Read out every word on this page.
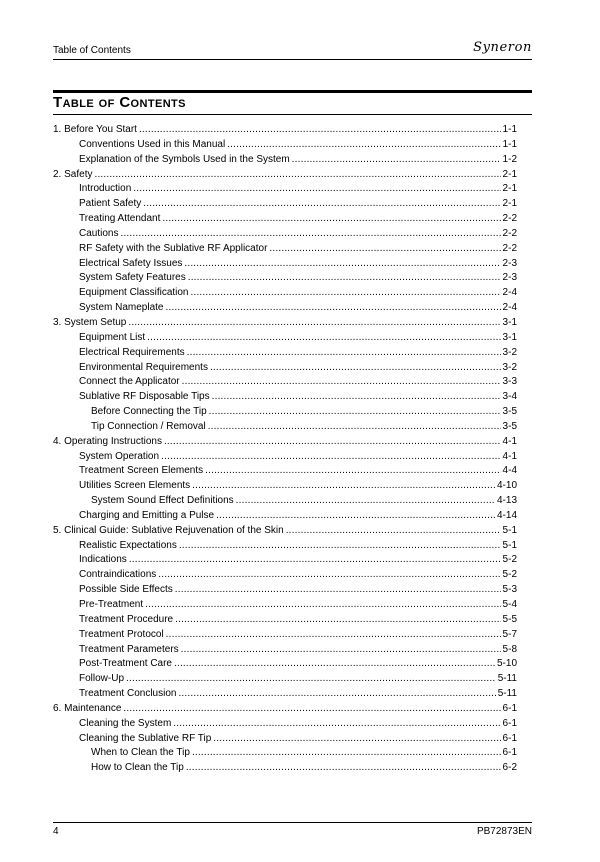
Table of Contents	Syneron
Table of Contents
1. Before You Start .....	1-1
Conventions Used in this Manual .....	1-1
Explanation of the Symbols Used in the System .....	1-2
2. Safety .....	2-1
Introduction .....	2-1
Patient Safety .....	2-1
Treating Attendant .....	2-2
Cautions .....	2-2
RF Safety with the Sublative RF Applicator .....	2-2
Electrical Safety Issues .....	2-3
System Safety Features .....	2-3
Equipment Classification .....	2-4
System Nameplate .....	2-4
3. System Setup .....	3-1
Equipment List .....	3-1
Electrical Requirements .....	3-2
Environmental Requirements .....	3-2
Connect the Applicator .....	3-3
Sublative RF Disposable Tips .....	3-4
Before Connecting the Tip .....	3-5
Tip Connection / Removal .....	3-5
4. Operating Instructions .....	4-1
System Operation .....	4-1
Treatment Screen Elements .....	4-4
Utilities Screen Elements .....	4-10
System Sound Effect Definitions .....	4-13
Charging and Emitting a Pulse .....	4-14
5. Clinical Guide: Sublative Rejuvenation of the Skin .....	5-1
Realistic Expectations .....	5-1
Indications .....	5-2
Contraindications .....	5-2
Possible Side Effects .....	5-3
Pre-Treatment .....	5-4
Treatment Procedure .....	5-5
Treatment Protocol .....	5-7
Treatment Parameters .....	5-8
Post-Treatment Care .....	5-10
Follow-Up .....	5-11
Treatment Conclusion .....	5-11
6. Maintenance .....	6-1
Cleaning the System .....	6-1
Cleaning the Sublative RF Tip .....	6-1
When to Clean the Tip .....	6-1
How to Clean the Tip .....	6-2
4	PB72873EN
